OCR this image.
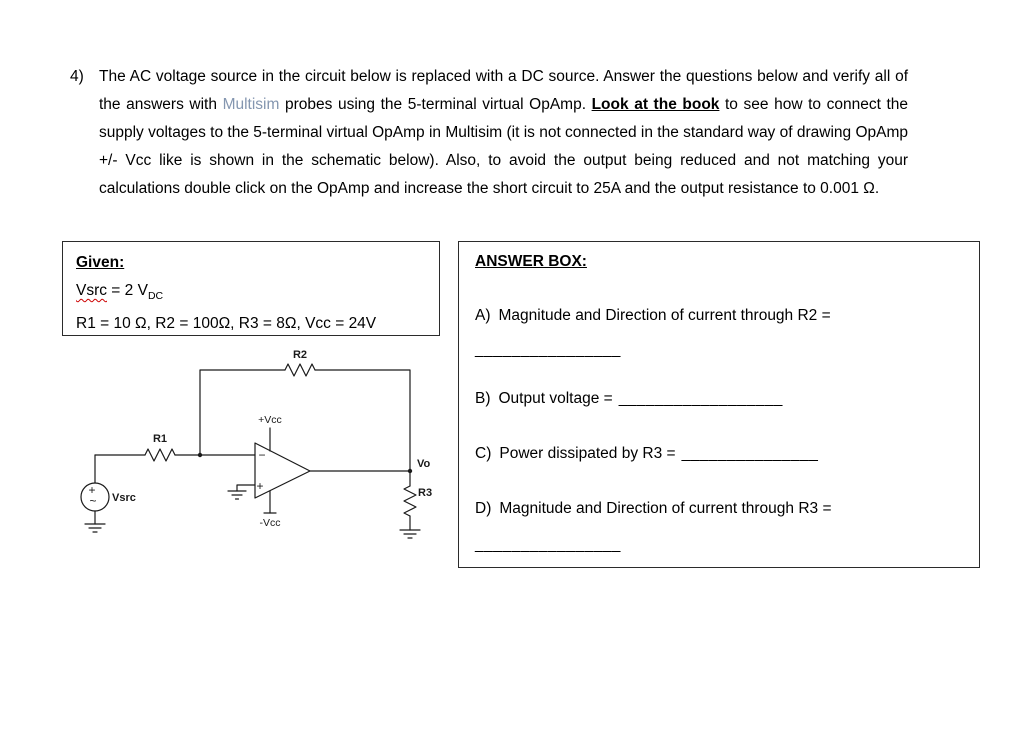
4) The AC voltage source in the circuit below is replaced with a DC source. Answer the questions below and verify all of the answers with Multisim probes using the 5-terminal virtual OpAmp. Look at the book to see how to connect the supply voltages to the 5-terminal virtual OpAmp in Multisim (it is not connected in the standard way of drawing OpAmp +/- Vcc like is shown in the schematic below). Also, to avoid the output being reduced and not matching your calculations double click on the OpAmp and increase the short circuit to 25A and the output resistance to 0.001 Ω.
Given:
Vsrc = 2 $V_{DC}$
R1 = 10 Ω, R2 = 100Ω, R3 = 8Ω, Vcc = 24V
ANSWER BOX:
A) Magnitude and Direction of current through R2 =
________________
B) Output voltage = __________________
C) Power dissipated by R3 = _______________
D) Magnitude and Direction of current through R3 =
________________
R2
R1
+Vcc
-Vcc
Vsrc
Vo
R3
−
+
+
~
